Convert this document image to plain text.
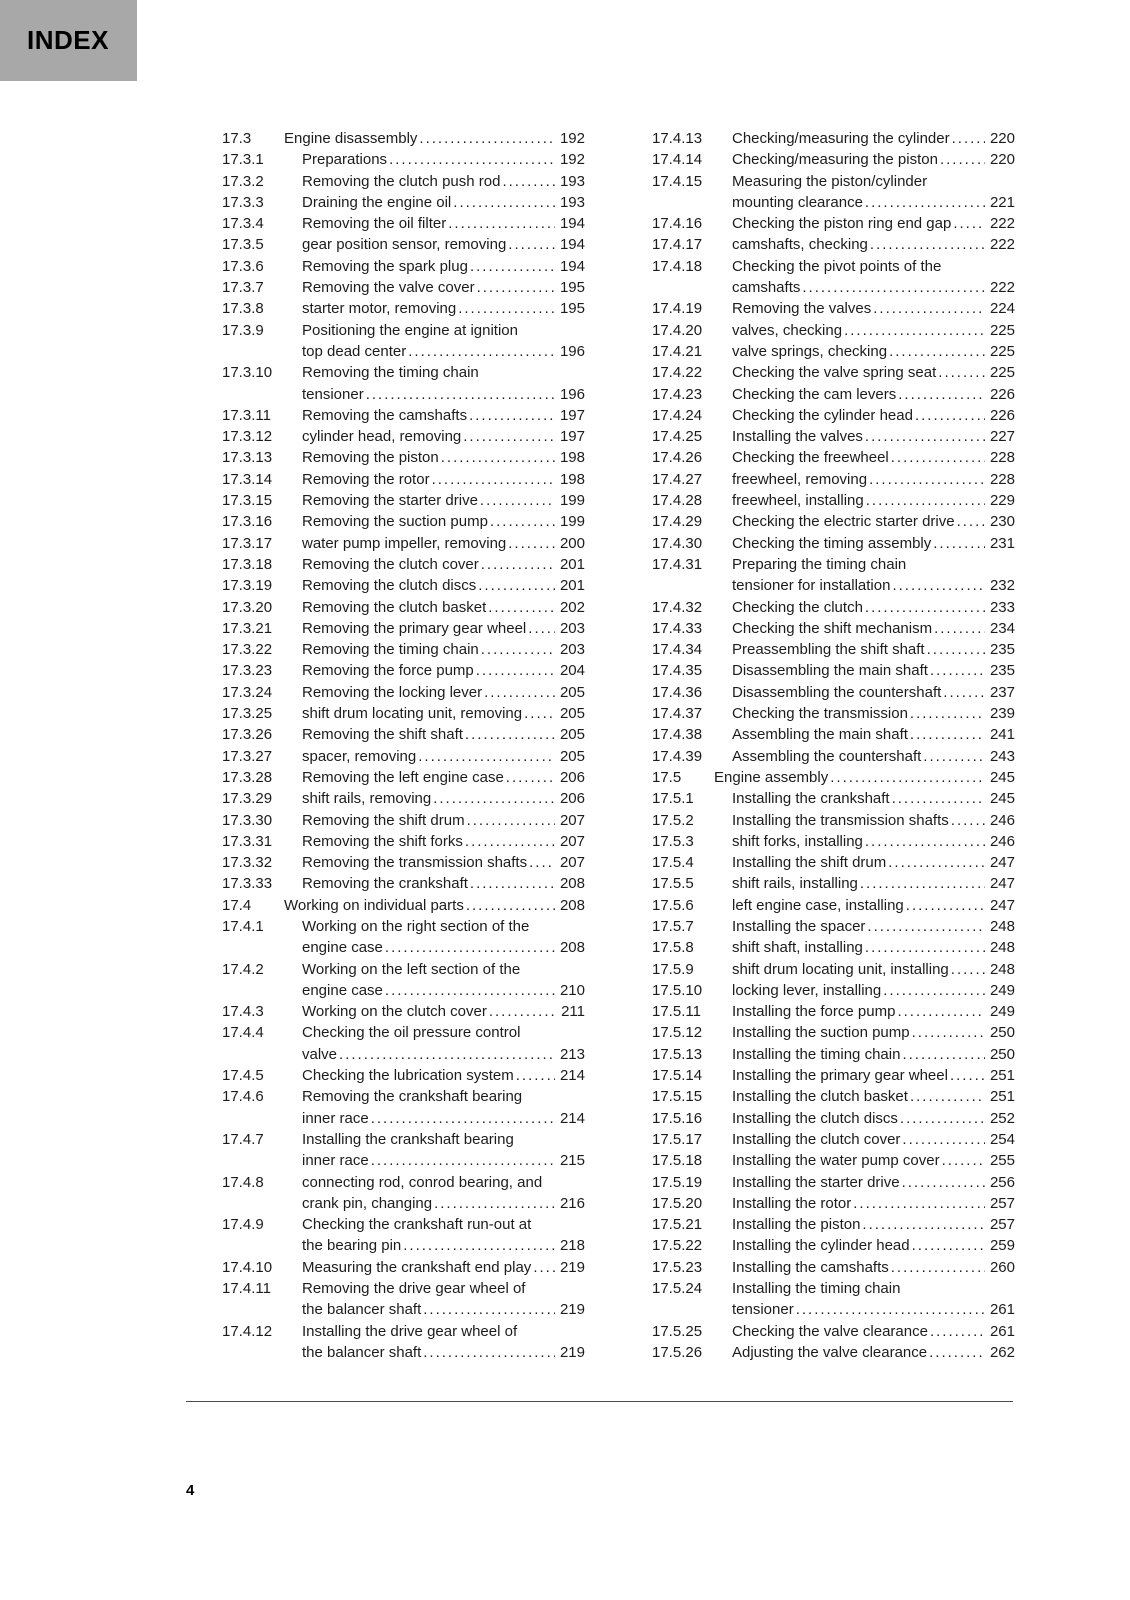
INDEX
17.3	Engine disassembly .....	192
17.3.1	Preparations .....	192
17.3.2	Removing the clutch push rod .....	193
17.3.3	Draining the engine oil .....	193
17.3.4	Removing the oil filter .....	194
17.3.5	gear position sensor, removing .....	194
17.3.6	Removing the spark plug .....	194
17.3.7	Removing the valve cover .....	195
17.3.8	starter motor, removing .....	195
17.3.9	Positioning the engine at ignition
top dead center .....	196
17.3.10	Removing the timing chain
tensioner .....	196
17.3.11	Removing the camshafts .....	197
17.3.12	cylinder head, removing .....	197
17.3.13	Removing the piston .....	198
17.3.14	Removing the rotor .....	198
17.3.15	Removing the starter drive .....	199
17.3.16	Removing the suction pump .....	199
17.3.17	water pump impeller, removing .....	200
17.3.18	Removing the clutch cover .....	201
17.3.19	Removing the clutch discs .....	201
17.3.20	Removing the clutch basket .....	202
17.3.21	Removing the primary gear wheel ..... 203
17.3.22	Removing the timing chain .....	203
17.3.23	Removing the force pump .....	204
17.3.24	Removing the locking lever .....	205
17.3.25	shift drum locating unit, removing .....	205
17.3.26	Removing the shift shaft .....	205
17.3.27	spacer, removing .....	205
17.3.28	Removing the left engine case .....	206
17.3.29	shift rails, removing .....	206
17.3.30	Removing the shift drum .....	207
17.3.31	Removing the shift forks .....	207
17.3.32	Removing the transmission shafts ..... 207
17.3.33	Removing the crankshaft .....	208
17.4	Working on individual parts .....	208
17.4.1	Working on the right section of the
engine case .....	208
17.4.2	Working on the left section of the
engine case .....	210
17.4.3	Working on the clutch cover .....	211
17.4.4	Checking the oil pressure control
valve .....	213
17.4.5	Checking the lubrication system .....	214
17.4.6	Removing the crankshaft bearing
inner race .....	214
17.4.7	Installing the crankshaft bearing
inner race .....	215
17.4.8	connecting rod, conrod bearing, and
crank pin, changing .....	216
17.4.9	Checking the crankshaft run-out at
the bearing pin .....	218
17.4.10	Measuring the crankshaft end play ..... 219
17.4.11	Removing the drive gear wheel of
the balancer shaft .....	219
17.4.12	Installing the drive gear wheel of
the balancer shaft .....	219
17.4.13	Checking/measuring the cylinder .....	220
17.4.14	Checking/measuring the piston .....	220
17.4.15	Measuring the piston/cylinder
mounting clearance .....	221
17.4.16	Checking the piston ring end gap .....	222
17.4.17	camshafts, checking .....	222
17.4.18	Checking the pivot points of the
camshafts .....	222
17.4.19	Removing the valves .....	224
17.4.20	valves, checking .....	225
17.4.21	valve springs, checking .....	225
17.4.22	Checking the valve spring seat .....	225
17.4.23	Checking the cam levers .....	226
17.4.24	Checking the cylinder head .....	226
17.4.25	Installing the valves .....	227
17.4.26	Checking the freewheel .....	228
17.4.27	freewheel, removing .....	228
17.4.28	freewheel, installing .....	229
17.4.29	Checking the electric starter drive ..... 230
17.4.30	Checking the timing assembly .....	231
17.4.31	Preparing the timing chain
tensioner for installation .....	232
17.4.32	Checking the clutch .....	233
17.4.33	Checking the shift mechanism .....	234
17.4.34	Preassembling the shift shaft .....	235
17.4.35	Disassembling the main shaft .....	235
17.4.36	Disassembling the countershaft .....	237
17.4.37	Checking the transmission .....	239
17.4.38	Assembling the main shaft .....	241
17.4.39	Assembling the countershaft .....	243
17.5	Engine assembly .....	245
17.5.1	Installing the crankshaft .....	245
17.5.2	Installing the transmission shafts .....	246
17.5.3	shift forks, installing .....	246
17.5.4	Installing the shift drum .....	247
17.5.5	shift rails, installing .....	247
17.5.6	left engine case, installing .....	247
17.5.7	Installing the spacer .....	248
17.5.8	shift shaft, installing .....	248
17.5.9	shift drum locating unit, installing .....	248
17.5.10	locking lever, installing .....	249
17.5.11	Installing the force pump .....	249
17.5.12	Installing the suction pump .....	250
17.5.13	Installing the timing chain .....	250
17.5.14	Installing the primary gear wheel .....	251
17.5.15	Installing the clutch basket .....	251
17.5.16	Installing the clutch discs .....	252
17.5.17	Installing the clutch cover .....	254
17.5.18	Installing the water pump cover .....	255
17.5.19	Installing the starter drive .....	256
17.5.20	Installing the rotor .....	257
17.5.21	Installing the piston .....	257
17.5.22	Installing the cylinder head .....	259
17.5.23	Installing the camshafts .....	260
17.5.24	Installing the timing chain
tensioner .....	261
17.5.25	Checking the valve clearance .....	261
17.5.26	Adjusting the valve clearance .....	262
4
